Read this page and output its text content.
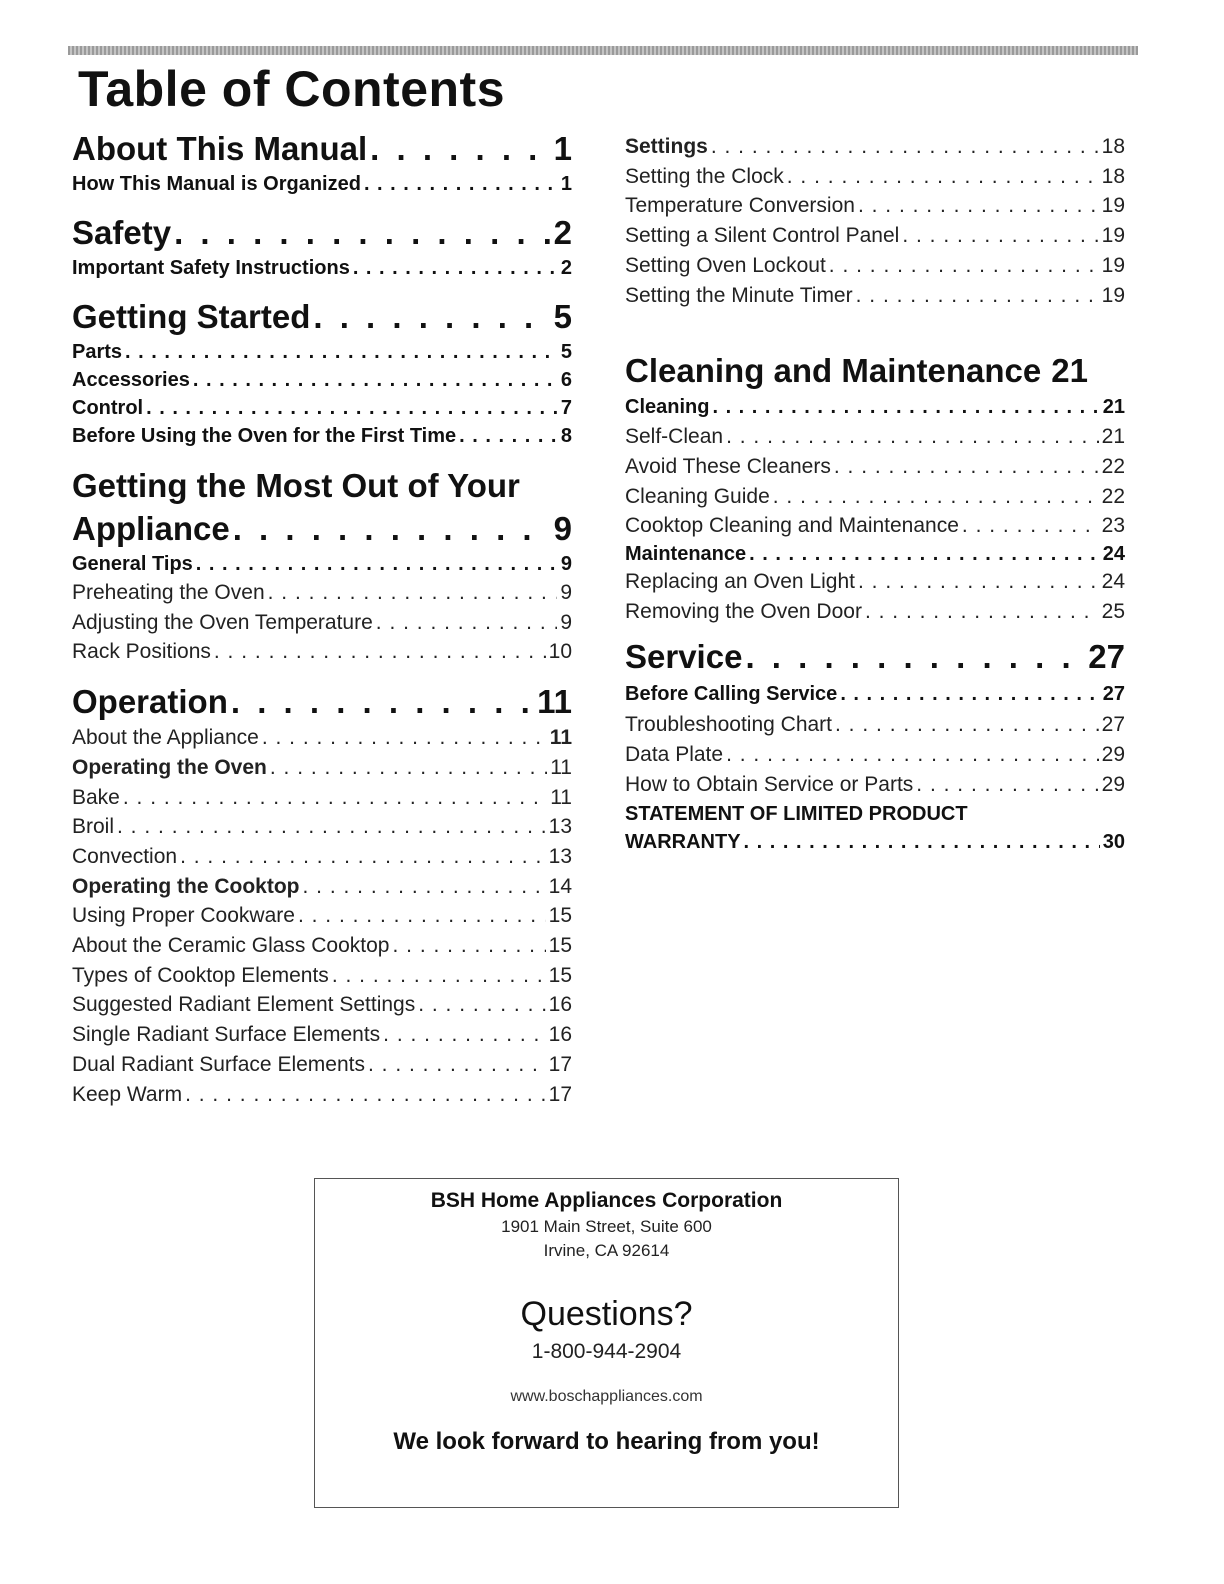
Table of Contents
About This Manual . . .	1
How This Manual is Organized . . .	1
Safety . . .	2
Important Safety Instructions . . .	2
Getting Started . . .	5
Parts . . .	5
Accessories . . .	6
Control . . .	7
Before Using the Oven for the First Time . . .	8
Getting the Most Out of Your
Appliance . . .	9
General Tips . . .	9
Preheating the Oven . . .	9
Adjusting the Oven Temperature . . .	9
Rack Positions . . .	10
Operation . . .	11
About the Appliance . . .	11
Operating the Oven . . .	11
Bake . . .	11
Broil . . .	13
Convection . . .	13
Operating the Cooktop . . .	14
Using Proper Cookware . . .	15
About the Ceramic Glass Cooktop . . .	15
Types of Cooktop Elements . . .	15
Suggested Radiant Element Settings . . .	16
Single Radiant Surface Elements . . .	16
Dual Radiant Surface Elements . . .	17
Keep Warm . . .	17
Settings . . .	18
Setting the Clock . . .	18
Temperature Conversion . . .	19
Setting a Silent Control Panel . . .	19
Setting Oven Lockout . . .	19
Setting the Minute Timer . . .	19
Cleaning and Maintenance 21
Cleaning . . .	21
Self-Clean . . .	21
Avoid These Cleaners . . .	22
Cleaning Guide . . .	22
Cooktop Cleaning and Maintenance . . .	23
Maintenance . . .	24
Replacing an Oven Light . . .	24
Removing the Oven Door . . .	25
Service . . .	27
Before Calling Service . . .	27
Troubleshooting Chart . . .	27
Data Plate . . .	29
How to Obtain Service or Parts . . .	29
STATEMENT OF LIMITED PRODUCT
WARRANTY . . .	30
BSH Home Appliances Corporation
1901 Main Street, Suite 600
Irvine, CA 92614
Questions?
1-800-944-2904
www.boschappliances.com
We look forward to hearing from you!
